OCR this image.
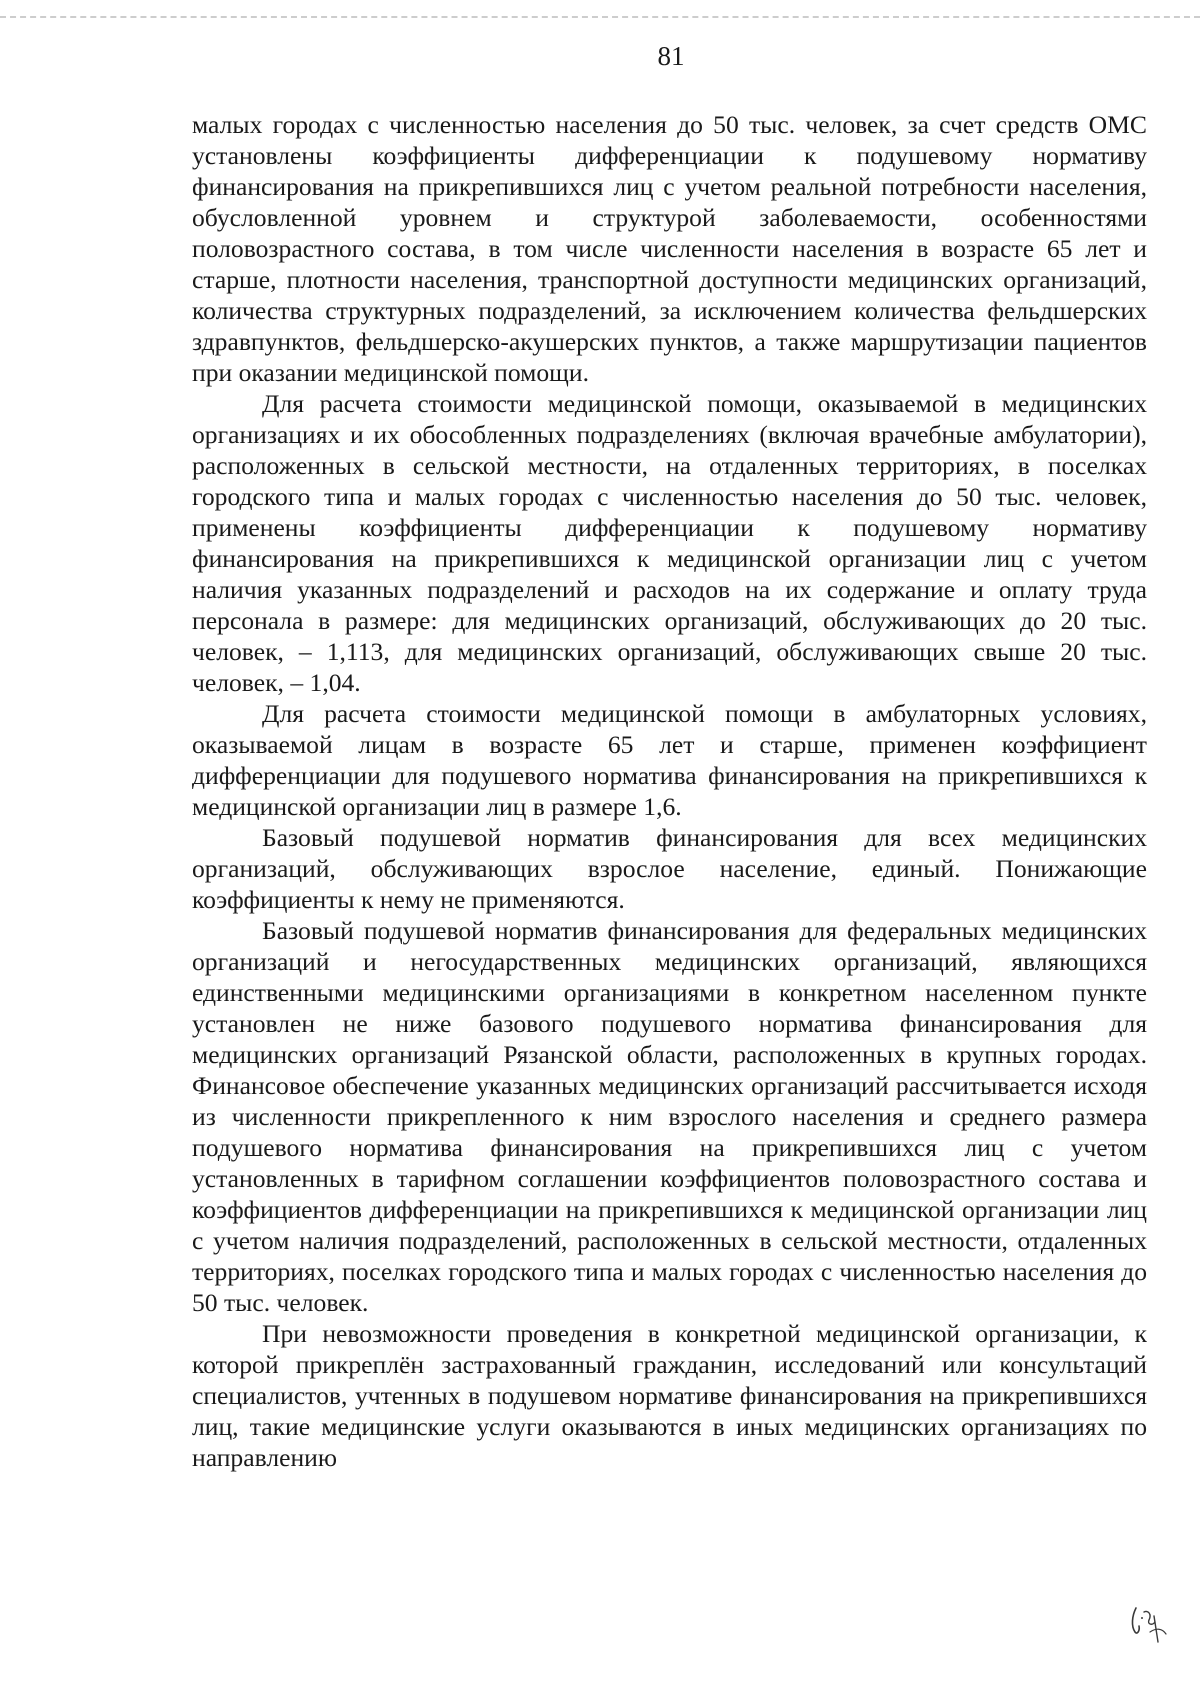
81

малых городах с численностью населения до 50 тыс. человек, за счет средств ОМС установлены коэффициенты дифференциации к подушевому нормативу финансирования на прикрепившихся лиц с учетом реальной потребности населения, обусловленной уровнем и структурой заболеваемости, особенностями половозрастного состава, в том числе численности населения в возрасте 65 лет и старше, плотности населения, транспортной доступности медицинских организаций, количества структурных подразделений, за исключением количества фельдшерских здравпунктов, фельдшерско-акушерских пунктов, а также маршрутизации пациентов при оказании медицинской помощи.

Для расчета стоимости медицинской помощи, оказываемой в медицинских организациях и их обособленных подразделениях (включая врачебные амбулатории), расположенных в сельской местности, на отдаленных территориях, в поселках городского типа и малых городах с численностью населения до 50 тыс. человек, применены коэффициенты дифференциации к подушевому нормативу финансирования на прикрепившихся к медицинской организации лиц с учетом наличия указанных подразделений и расходов на их содержание и оплату труда персонала в размере: для медицинских организаций, обслуживающих до 20 тыс. человек, – 1,113, для медицинских организаций, обслуживающих свыше 20 тыс. человек, – 1,04.

Для расчета стоимости медицинской помощи в амбулаторных условиях, оказываемой лицам в возрасте 65 лет и старше, применен коэффициент дифференциации для подушевого норматива финансирования на прикрепившихся к медицинской организации лиц в размере 1,6.

Базовый подушевой норматив финансирования для всех медицинских организаций, обслуживающих взрослое население, единый. Понижающие коэффициенты к нему не применяются.

Базовый подушевой норматив финансирования для федеральных медицинских организаций и негосударственных медицинских организаций, являющихся единственными медицинскими организациями в конкретном населенном пункте установлен не ниже базового подушевого норматива финансирования для медицинских организаций Рязанской области, расположенных в крупных городах. Финансовое обеспечение указанных медицинских организаций рассчитывается исходя из численности прикрепленного к ним взрослого населения и среднего размера подушевого норматива финансирования на прикрепившихся лиц с учетом установленных в тарифном соглашении коэффициентов половозрастного состава и коэффициентов дифференциации на прикрепившихся к медицинской организации лиц с учетом наличия подразделений, расположенных в сельской местности, отдаленных территориях, поселках городского типа и малых городах с численностью населения до 50 тыс. человек.

При невозможности проведения в конкретной медицинской организации, к которой прикреплён застрахованный гражданин, исследований или консультаций специалистов, учтенных в подушевом нормативе финансирования на прикрепившихся лиц, такие медицинские услуги оказываются в иных медицинских организациях по направлению
